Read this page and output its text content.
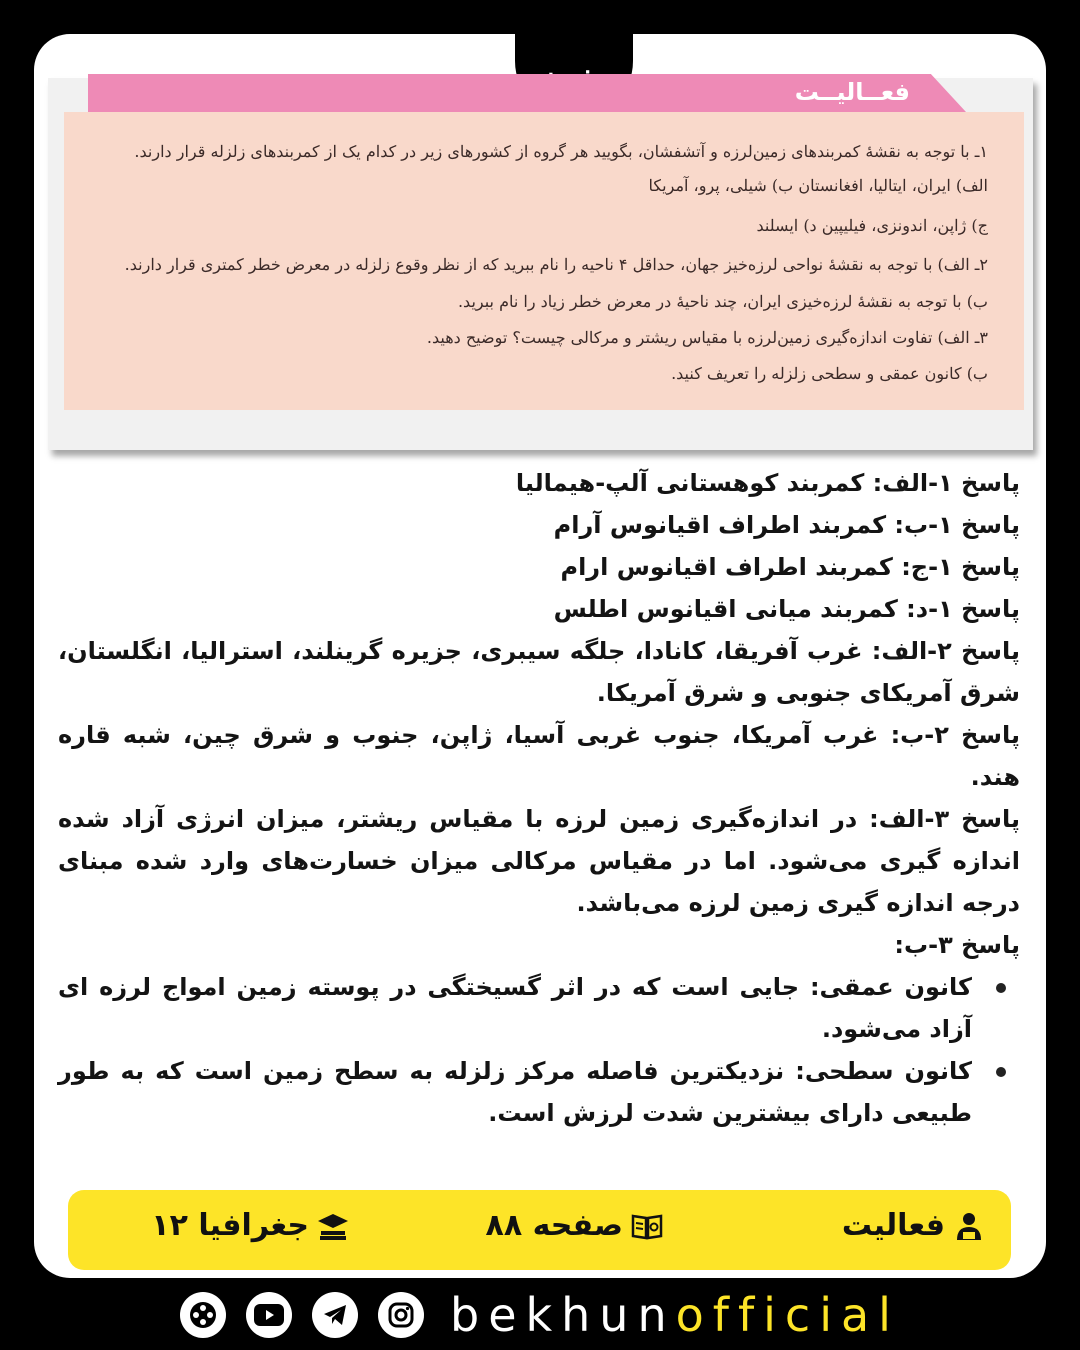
فعــالیــت
١ـ با توجه به نقشهٔ کمربندهای زمین‌لرزه و آتشفشان، بگویید هر گروه از کشورهای زیر در کدام یک از کمربندهای زلزله قرار دارند.
الف) ایران، ایتالیا، افغانستان ب) شیلی، پرو، آمریکا
ج) ژاپن، اندونزی، فیلیپین د) ایسلند
٢ـ الف) با توجه به نقشهٔ نواحی لرزه‌خیز جهان، حداقل ۴ ناحیه را نام ببرید که از نظر وقوع زلزله در معرض خطر کمتری قرار دارند.
ب) با توجه به نقشهٔ لرزه‌خیزی ایران، چند ناحیهٔ در معرض خطر زیاد را نام ببرید.
٣ـ الف) تفاوت اندازه‌گیری زمین‌لرزه با مقیاس ریشتر و مرکالی چیست؟ توضیح دهید.
ب) کانون عمقی و سطحی زلزله را تعریف کنید.

پاسخ ۱-الف: کمربند کوهستانی آلپ-هیمالیا

پاسخ ۱-ب: کمربند اطراف اقیانوس آرام

پاسخ ۱-ج: کمربند اطراف اقیانوس ارام

پاسخ ۱-د: کمربند میانی اقیانوس اطلس

پاسخ ۲-الف: غرب آفریقا، کانادا، جلگه سیبری، جزیره گرینلند، استرالیا، انگلستان، شرق آمریکای جنوبی و شرق آمریکا.

پاسخ ۲-ب: غرب آمریکا، جنوب غربی آسیا، ژاپن، جنوب و شرق چین، شبه قاره هند.

پاسخ ۳-الف: در اندازه‌گیری زمین لرزه با مقیاس ریشتر، میزان انرژی آزاد شده اندازه گیری می‌شود. اما در مقیاس مرکالی میزان خسارت‌های وارد شده مبنای درجه اندازه گیری زمین لرزه می‌باشد.

پاسخ ۳-ب:

کانون عمقی: جایی است که در اثر گسیختگی در پوسته زمین امواج لرزه ای آزاد می‌شود.
کانون سطحی: نزدیکترین فاصله مرکز زلزله به سطح زمین است که به طور طبیعی دارای بیشترین شدت لرزش است.
فعالیت
صفحه ۸۸
جغرافیا ۱۲
bekhunofficial
